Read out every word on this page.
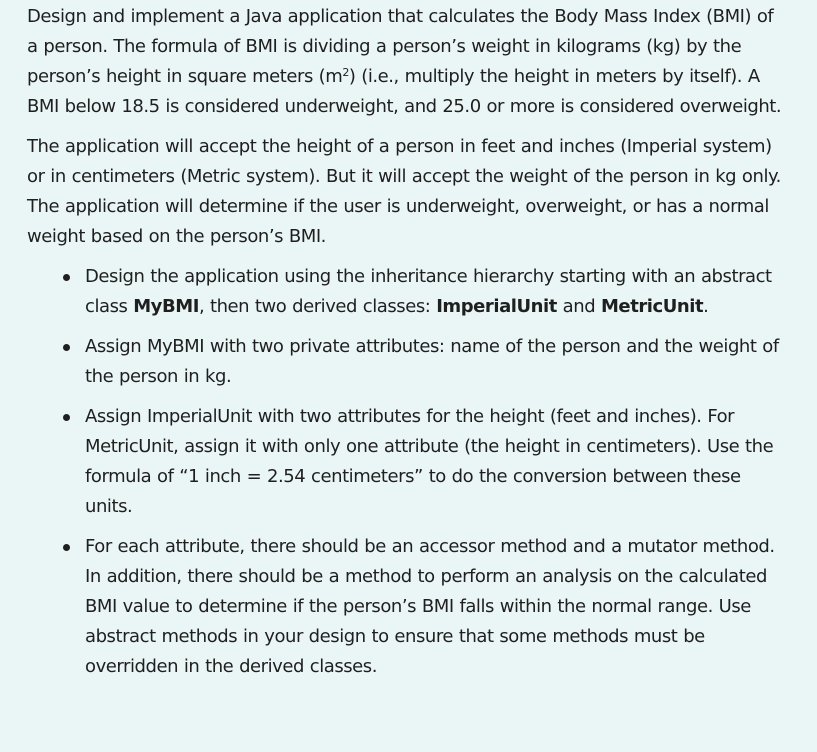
Design and implement a Java application that calculates the Body Mass Index (BMI) of a person. The formula of BMI is dividing a person’s weight in kilograms (kg) by the person’s height in square meters $(m^2)$ (i.e., multiply the height in meters by itself). A BMI below 18.5 is considered underweight, and 25.0 or more is considered overweight.

The application will accept the height of a person in feet and inches (Imperial system) or in centimeters (Metric system). But it will accept the weight of the person in kg only. The application will determine if the user is underweight, overweight, or has a normal weight based on the person’s BMI.

Design the application using the inheritance hierarchy starting with an abstract class MyBMI, then two derived classes: ImperialUnit and MetricUnit.
Assign MyBMI with two private attributes: name of the person and the weight of the person in kg.
Assign ImperialUnit with two attributes for the height (feet and inches). For MetricUnit, assign it with only one attribute (the height in centimeters). Use the formula of “1 inch = 2.54 centimeters” to do the conversion between these units.
For each attribute, there should be an accessor method and a mutator method. In addition, there should be a method to perform an analysis on the calculated BMI value to determine if the person’s BMI falls within the normal range. Use abstract methods in your design to ensure that some methods must be overridden in the derived classes.
